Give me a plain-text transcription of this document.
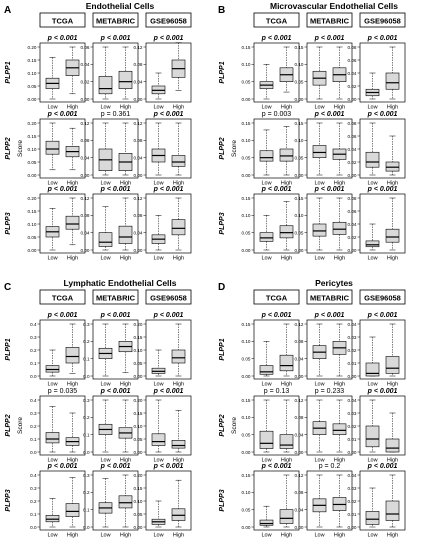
A	Endothelial Cells
TCGA	METABRIC GSE96058
PLPP1
p < 0.001
0.00
0.05
0.10
0.15
0.20
Low High
p < 0.001
0.00
0.02
0.04
0.06
Low High
p < 0.001
0.00
0.04
0.08
0.12
Low High
PLPP2 Score
p < 0.001
0.00
0.05
0.10
0.15
0.20
Low High
p = 0.361
0.00
0.04
0.08
0.12
Low High
p < 0.001
0.00
0.04
0.08
0.12
Low High
PLPP3
p < 0.001
0.00
0.05
0.10
0.15
0.20
Low High
p < 0.001
0.00
0.04
0.08
0.12
Low High
p < 0.001
0.00
0.04
0.08
0.12
Low High
B	Microvascular Endothelial Cells
TCGA	METABRIC GSE96058
PLPP1
p < 0.001
0.00
0.05
0.10
0.15
Low High
p < 0.001
0.00
0.05
0.10
0.15
Low High
p < 0.001
0.00
0.02
0.04
0.06
0.08
Low High
PLPP2 Score
p = 0.003
0.00
0.05
0.10
0.15
Low High
p < 0.001
0.00
0.05
0.10
0.15
Low High
p < 0.001
0.00
0.02
0.04
0.06
0.08
Low High
PLPP3
p < 0.001
0.00
0.05
0.10
0.15
Low High
p < 0.001
0.00
0.05
0.10
0.15
Low High
p < 0.001
0.00
0.02
0.04
0.06
0.08
Low High
C	Lymphatic Endothelial Cells
TCGA	METABRIC GSE96058
PLPP1
p < 0.001
0.0
0.1
0.2
0.3
0.4
Low High
p < 0.001
0.0
0.1
0.2
0.3
Low High
p < 0.001
0.00
0.05
0.10
0.15
0.20
Low High
PLPP2 Score
p = 0.035
0.0
0.1
0.2
0.3
0.4
Low High
p < 0.001
0.0
0.1
0.2
0.3
Low High
p < 0.001
0.00
0.05
0.10
0.15
0.20
Low High
PLPP3
p < 0.001
0.0
0.1
0.2
0.3
0.4
Low High
p < 0.001
0.0
0.1
0.2
0.3
Low High
p < 0.001
0.00
0.05
0.10
0.15
0.20
Low High
D	Pericytes
TCGA	METABRIC GSE96058
PLPP1
p < 0.001
0.00
0.05
0.10
0.15
Low High
p < 0.001
0.00
0.04
0.08
0.12
Low High
p < 0.001
0.00
0.01
0.02
0.03
0.04
Low High
PLPP2 Score
p = 0.13
0.00
0.05
0.10
0.15
Low High
p = 0.233
0.00
0.04
0.08
0.12
Low High
p < 0.001
0.00
0.01
0.02
0.03
0.04
Low High
PLPP3
p < 0.001
0.00
0.05
0.10
0.15
Low High
p = 0.2
0.00
0.04
0.08
0.12
Low High
p < 0.001
0.00
0.01
0.02
0.03
0.04
Low High
